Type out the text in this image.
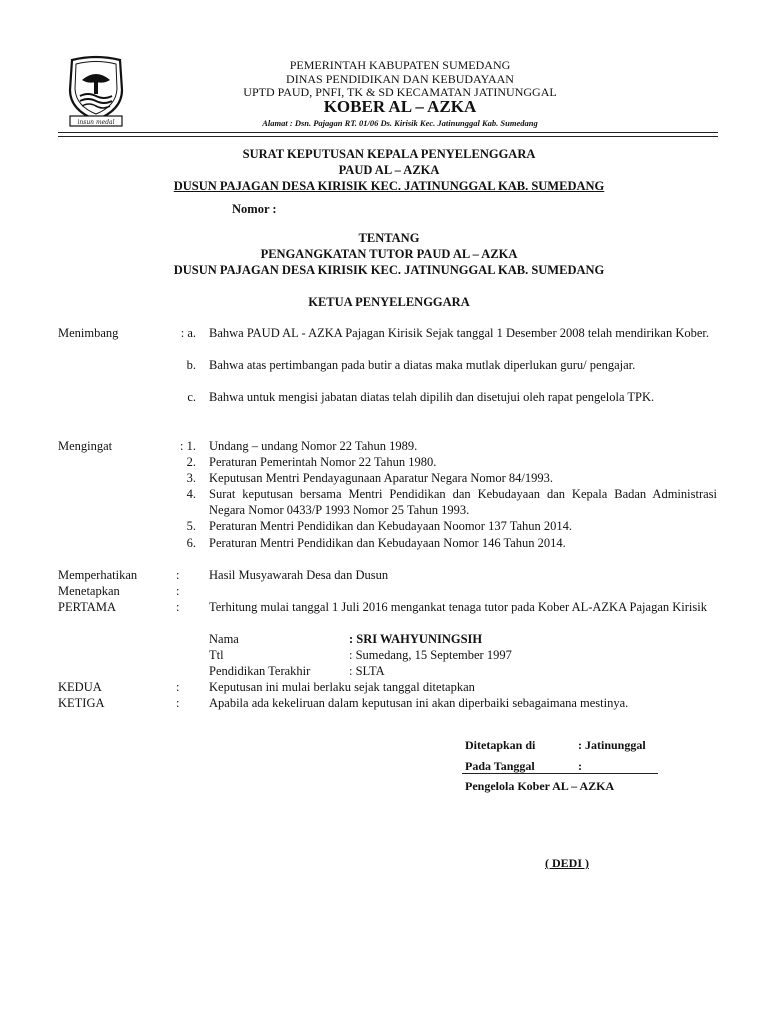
insun medal
PEMERINTAH KABUPATEN SUMEDANG
DINAS PENDIDIKAN DAN KEBUDAYAAN
UPTD PAUD, PNFI, TK & SD KECAMATAN JATINUNGGAL
KOBER AL – AZKA
Alamat : Dsn. Pajagan RT. 01/06 Ds. Kirisik Kec. Jatinunggal Kab. Sumedang
SURAT KEPUTUSAN KEPALA PENYELENGGARA
PAUD AL – AZKA
DUSUN PAJAGAN DESA KIRISIK KEC. JATINUNGGAL KAB. SUMEDANG
Nomor :
TENTANG
PENGANGKATAN TUTOR PAUD AL – AZKA
DUSUN PAJAGAN DESA KIRISIK KEC. JATINUNGGAL KAB. SUMEDANG
KETUA PENYELENGGARA
Menimbang	: a. Bahwa PAUD AL - AZKA Pajagan Kirisik Sejak tanggal 1 Desember 2008 telah mendirikan Kober.
b. Bahwa atas pertimbangan pada butir a diatas maka mutlak diperlukan guru/ pengajar.
c. Bahwa untuk mengisi jabatan diatas telah dipilih dan disetujui oleh rapat pengelola TPK.
Mengingat	: 1. Undang – undang Nomor 22 Tahun 1989.
2. Peraturan Pemerintah Nomor 22 Tahun 1980.
3. Keputusan Mentri Pendayagunaan Aparatur Negara Nomor 84/1993.
4. Surat keputusan bersama Mentri Pendidikan dan Kebudayaan dan Kepala Badan Administrasi Negara Nomor 0433/P 1993 Nomor 25 Tahun 1993.
5. Peraturan Mentri Pendidikan dan Kebudayaan Noomor 137 Tahun 2014.
6. Peraturan Mentri Pendidikan dan Kebudayaan Nomor 146 Tahun 2014.
Memperhatikan	: Hasil Musyawarah Desa dan Dusun
Menetapkan	:
PERTAMA	: Terhitung mulai tanggal 1 Juli 2016 mengankat tenaga tutor pada Kober AL-AZKA Pajagan Kirisik
Nama	: SRI WAHYUNINGSIH
Ttl	: Sumedang, 15 September 1997
Pendidikan Terakhir	: SLTA
KEDUA	: Keputusan ini mulai berlaku sejak tanggal ditetapkan
KETIGA	: Apabila ada kekeliruan dalam keputusan ini akan diperbaiki sebagaimana mestinya.
Ditetapkan di	: Jatinunggal
Pada Tanggal	:
Pengelola Kober AL – AZKA
( DEDI )
